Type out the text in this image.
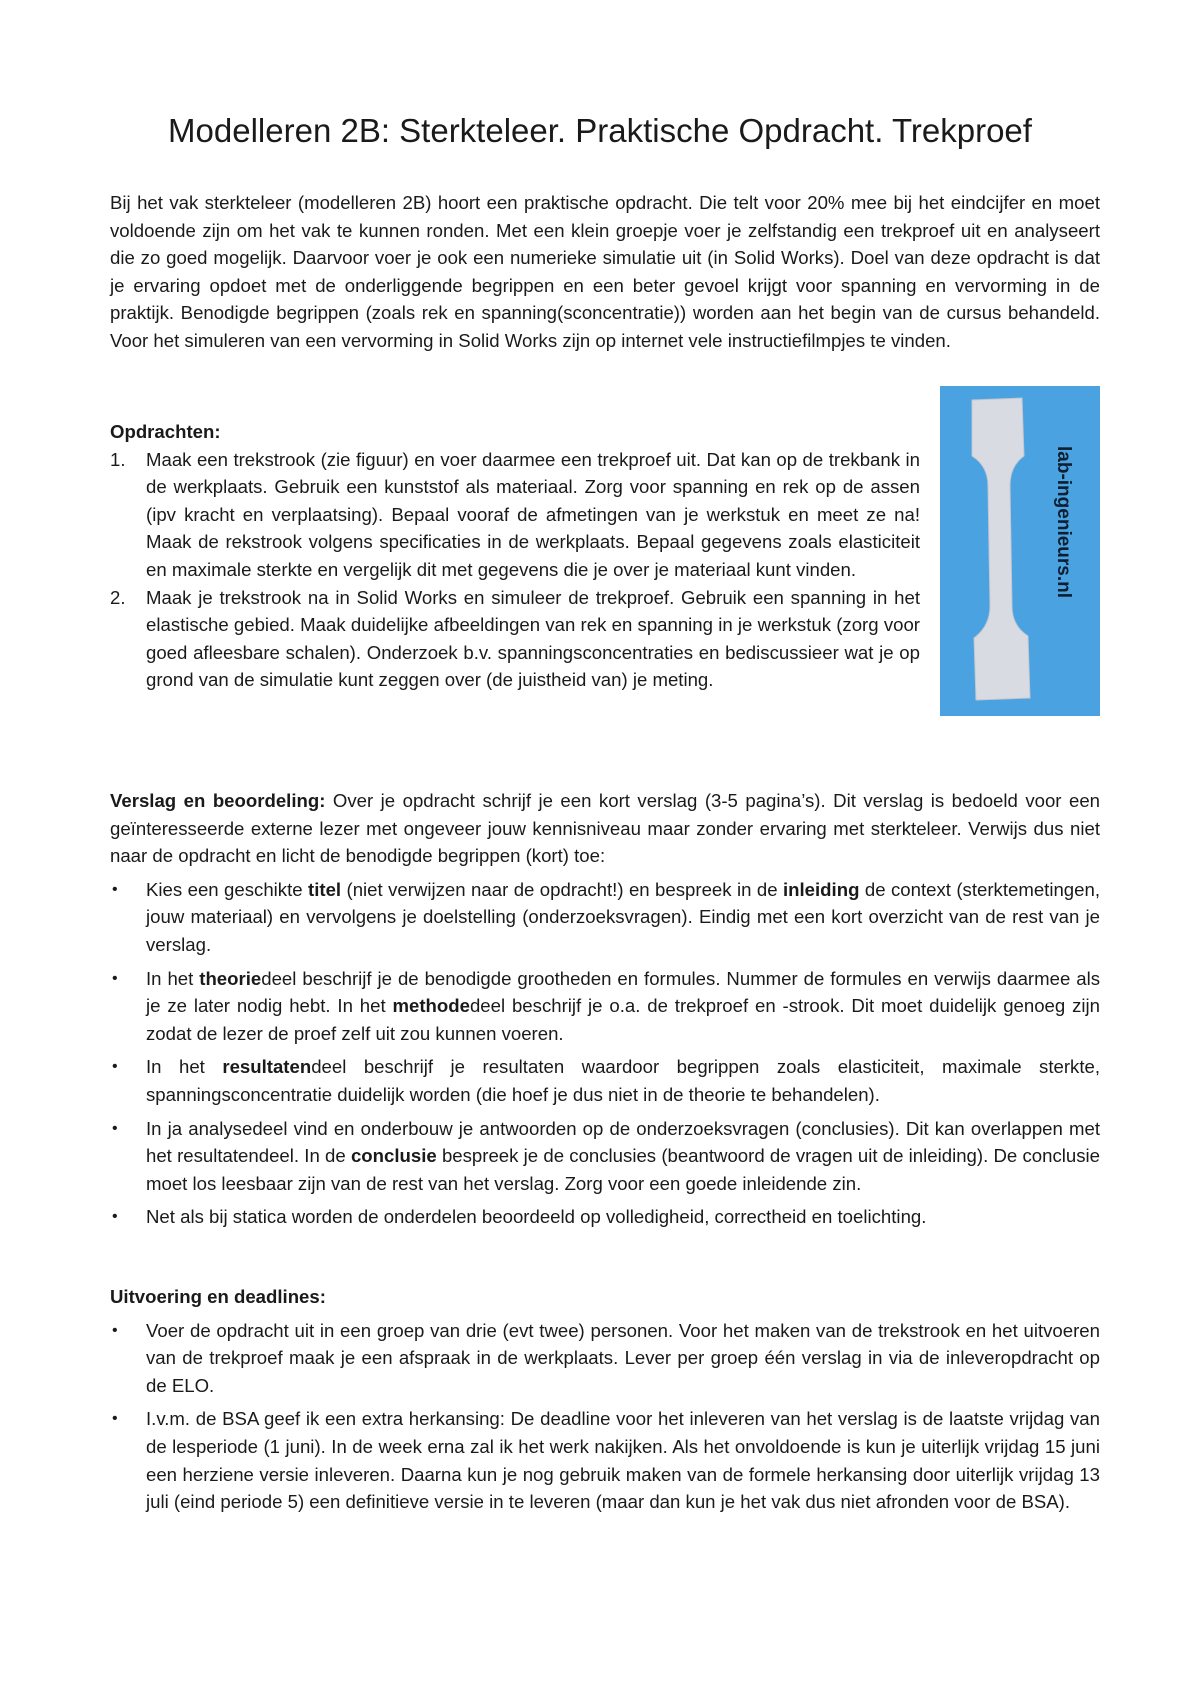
Modelleren 2B: Sterkteleer. Praktische Opdracht. Trekproef

Bij het vak sterkteleer (modelleren 2B) hoort een praktische opdracht. Die telt voor 20% mee bij het eindcijfer en moet voldoende zijn om het vak te kunnen ronden. Met een klein groepje voer je zelfstandig een trekproef uit en analyseert die zo goed mogelijk. Daarvoor voer je ook een numerieke simulatie uit (in Solid Works). Doel van deze opdracht is dat je ervaring opdoet met de onderliggende begrippen en een beter gevoel krijgt voor spanning en vervorming in de praktijk. Benodigde begrippen (zoals rek en spanning(sconcentratie)) worden aan het begin van de cursus behandeld. Voor het simuleren van een vervorming in Solid Works zijn op internet vele instructiefilmpjes te vinden.

Opdrachten:

1. Maak een trekstrook (zie figuur) en voer daarmee een trekproef uit. Dat kan op de trekbank in de werkplaats. Gebruik een kunststof als materiaal. Zorg voor spanning en rek op de assen (ipv kracht en verplaatsing). Bepaal vooraf de afmetingen van je werkstuk en meet ze na! Maak de rekstrook volgens specificaties in de werkplaats. Bepaal gegevens zoals elasticiteit en maximale sterkte en vergelijk dit met gegevens die je over je materiaal kunt vinden.
2. Maak je trekstrook na in Solid Works en simuleer de trekproef. Gebruik een spanning in het elastische gebied. Maak duidelijke afbeeldingen van rek en spanning in je werkstuk (zorg voor goed afleesbare schalen). Onderzoek b.v. spanningsconcentraties en bediscussieer wat je op grond van de simulatie kunt zeggen over (de juistheid van) je meting.
lab-ingenieurs.nl

Verslag en beoordeling: Over je opdracht schrijf je een kort verslag (3-5 pagina’s). Dit verslag is bedoeld voor een geïnteresseerde externe lezer met ongeveer jouw kennisniveau maar zonder ervaring met sterkteleer. Verwijs dus niet naar de opdracht en licht de benodigde begrippen (kort) toe:

• Kies een geschikte titel (niet verwijzen naar de opdracht!) en bespreek in de inleiding de context (sterktemetingen, jouw materiaal) en vervolgens je doelstelling (onderzoeksvragen). Eindig met een kort overzicht van de rest van je verslag.
• In het theoriedeel beschrijf je de benodigde grootheden en formules. Nummer de formules en verwijs daarmee als je ze later nodig hebt. In het methodedeel beschrijf je o.a. de trekproef en -strook. Dit moet duidelijk genoeg zijn zodat de lezer de proef zelf uit zou kunnen voeren.
• In het resultatendeel beschrijf je resultaten waardoor begrippen zoals elasticiteit, maximale sterkte, spanningsconcentratie duidelijk worden (die hoef je dus niet in de theorie te behandelen).
• In ja analysedeel vind en onderbouw je antwoorden op de onderzoeksvragen (conclusies). Dit kan overlappen met het resultatendeel. In de conclusie bespreek je de conclusies (beantwoord de vragen uit de inleiding). De conclusie moet los leesbaar zijn van de rest van het verslag. Zorg voor een goede inleidende zin.
• Net als bij statica worden de onderdelen beoordeeld op volledigheid, correctheid en toelichting.

Uitvoering en deadlines:

• Voer de opdracht uit in een groep van drie (evt twee) personen. Voor het maken van de trekstrook en het uitvoeren van de trekproef maak je een afspraak in de werkplaats. Lever per groep één verslag in via de inleveropdracht op de ELO.
• I.v.m. de BSA geef ik een extra herkansing: De deadline voor het inleveren van het verslag is de laatste vrijdag van de lesperiode (1 juni). In de week erna zal ik het werk nakijken. Als het onvoldoende is kun je uiterlijk vrijdag 15 juni een herziene versie inleveren. Daarna kun je nog gebruik maken van de formele herkansing door uiterlijk vrijdag 13 juli (eind periode 5) een definitieve versie in te leveren (maar dan kun je het vak dus niet afronden voor de BSA).
